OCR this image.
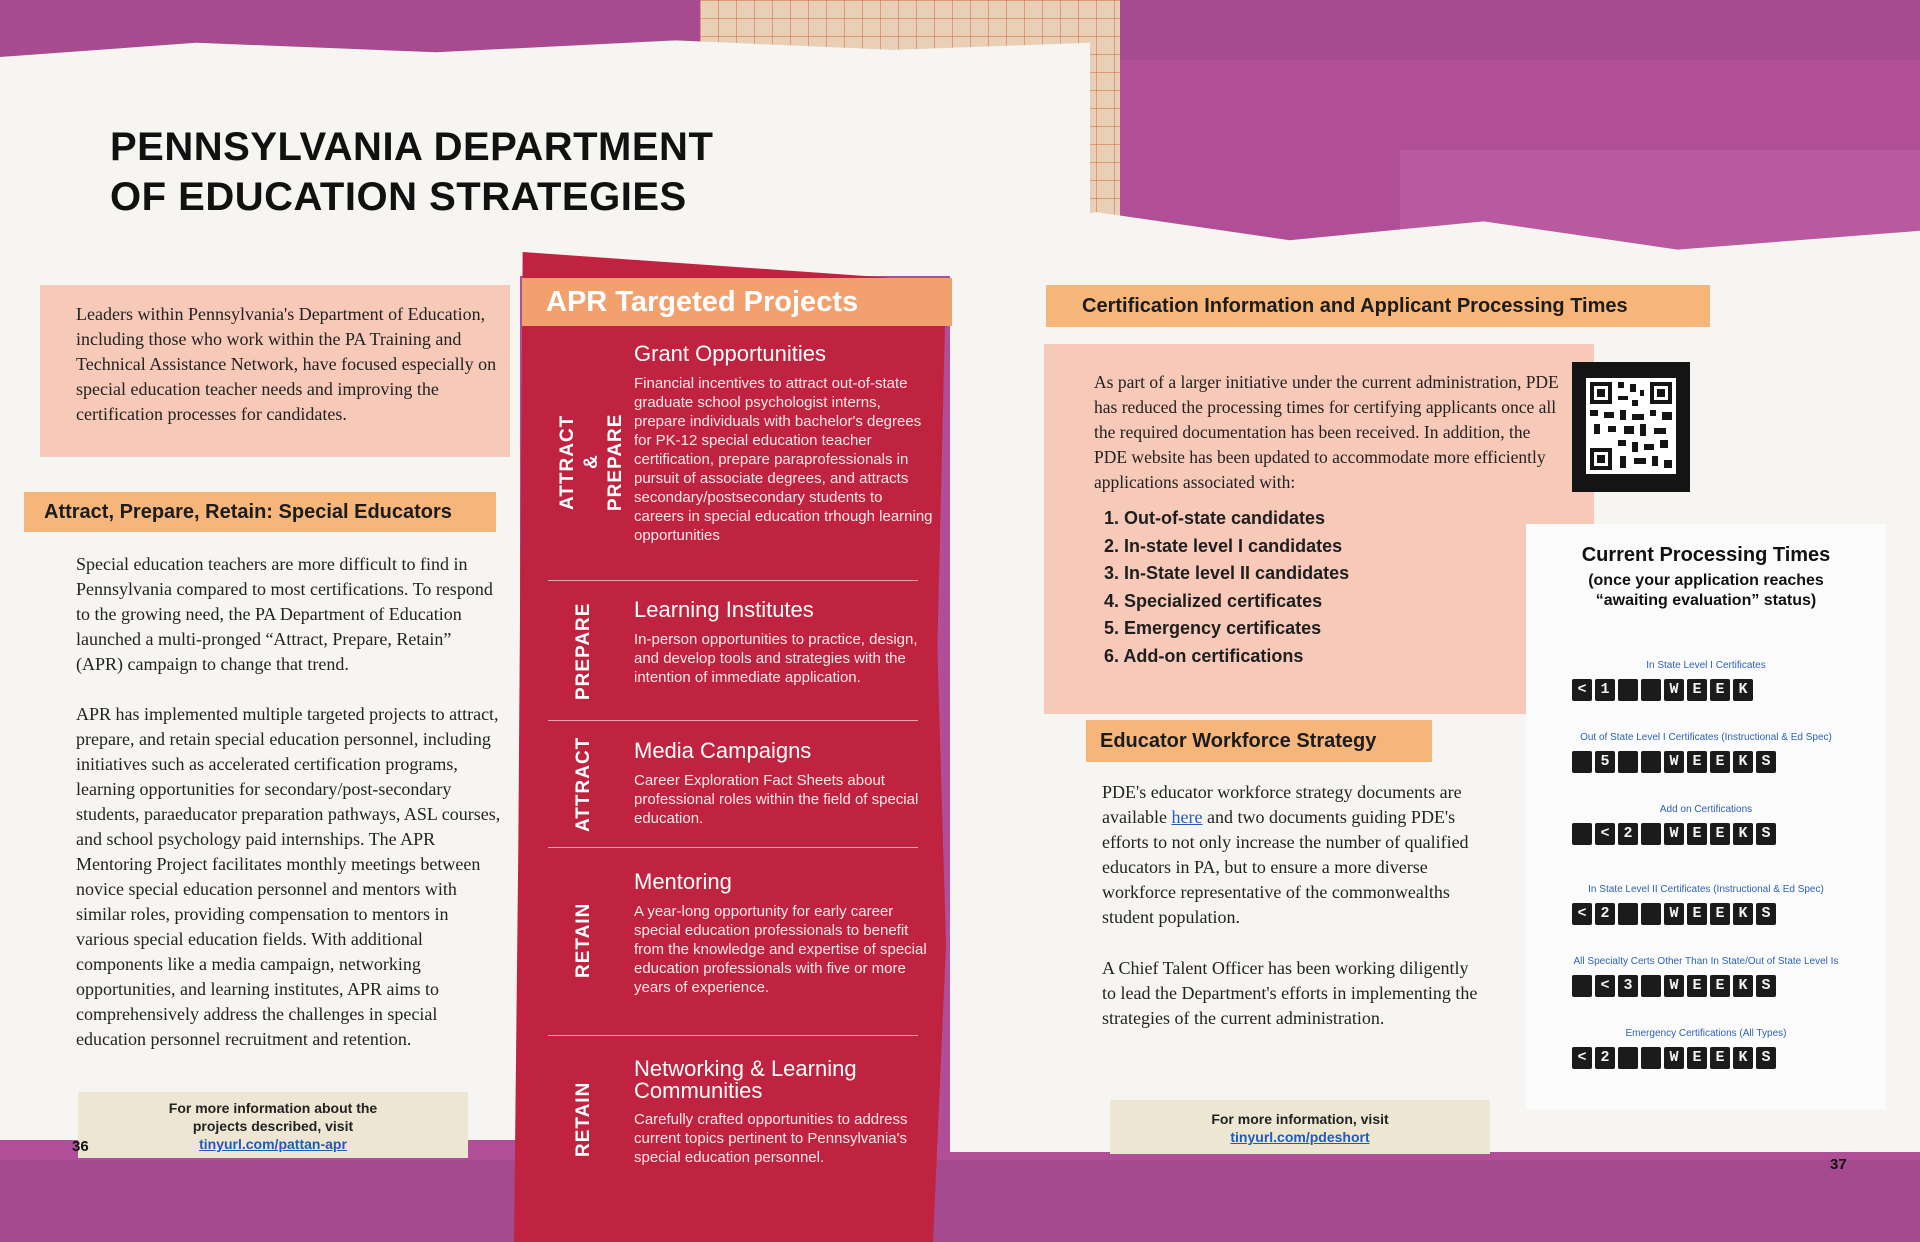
PENNSYLVANIA DEPARTMENT
OF EDUCATION STRATEGIES
Leaders within Pennsylvania's Department of Education, including those who work within the PA Training and Technical Assistance Network, have focused especially on special education teacher needs and improving the certification processes for candidates.
Attract, Prepare, Retain: Special Educators
Special education teachers are more difficult to find in Pennsylvania compared to most certifications. To respond to the growing need, the PA Department of Education launched a multi-pronged “Attract, Prepare, Retain” (APR) campaign to change that trend.
APR has implemented multiple targeted projects to attract, prepare, and retain special education personnel, including initiatives such as accelerated certification programs, learning opportunities for secondary/post-secondary students, paraeducator preparation pathways, ASL courses, and school psychology paid internships. The APR Mentoring Project facilitates monthly meetings between novice special education personnel and mentors with similar roles, providing compensation to mentors in various special education fields. With additional components like a media campaign, networking opportunities, and learning institutes, APR aims to comprehensively address the challenges in special education personnel recruitment and retention.

For more information about the

projects described, visit

tinyurl.com/pattan-apr
36
APR Targeted Projects
ATTRACT & PREPARE

Grant Opportunities

Financial incentives to attract out-of-state graduate school psychologist interns, prepare individuals with bachelor's degrees for PK-12 special education teacher certification, prepare paraprofessionals in pursuit of associate degrees, and attracts secondary/postsecondary students to careers in special education trhough learning opportunities

PREPARE Learning Institutes

In-person opportunities to practice, design, and develop tools and strategies with the intention of immediate application.

ATTRACT Media Campaigns

Career Exploration Fact Sheets about professional roles within the field of special education.

RETAIN

Mentoring

A year-long opportunity for early career special education professionals to benefit from the knowledge and expertise of special education professionals with five or more years of experience.

RETAIN

Networking & Learning Communities

Carefully crafted opportunities to address current topics pertinent to Pennsylvania's special education personnel.

Certification Information and Applicant Processing Times
As part of a larger initiative under the current administration, PDE has reduced the processing times for certifying applicants once all the required documentation has been received. In addition, the PDE website has been updated to accommodate more efficiently applications associated with:
1. Out-of-state candidates
2. In-state level I candidates
3. In-State level II candidates
4. Specialized certificates
5. Emergency certificates
6. Add-on certifications
Current Processing Times
(once your application reaches
“awaiting evaluation” status)
In State Level I Certificates
< 1	W E E K
Out of State Level I Certificates (Instructional & Ed Spec)
5	W E E K S
Add on Certifications
< 2	W E E K S
In State Level II Certificates (Instructional & Ed Spec)
< 2	W E E K S
All Specialty Certs Other Than In State/Out of State Level Is
< 3	W E E K S
Emergency Certifications (All Types)
< 2	W E E K S
Educator Workforce Strategy
PDE's educator workforce strategy documents are available here and two documents guiding PDE's efforts to not only increase the number of qualified educators in PA, but to ensure a more diverse workforce representative of the commonwealths student population.
A Chief Talent Officer has been working diligently to lead the Department's efforts in implementing the strategies of the current administration.

For more information, visit

tinyurl.com/pdeshort
37
